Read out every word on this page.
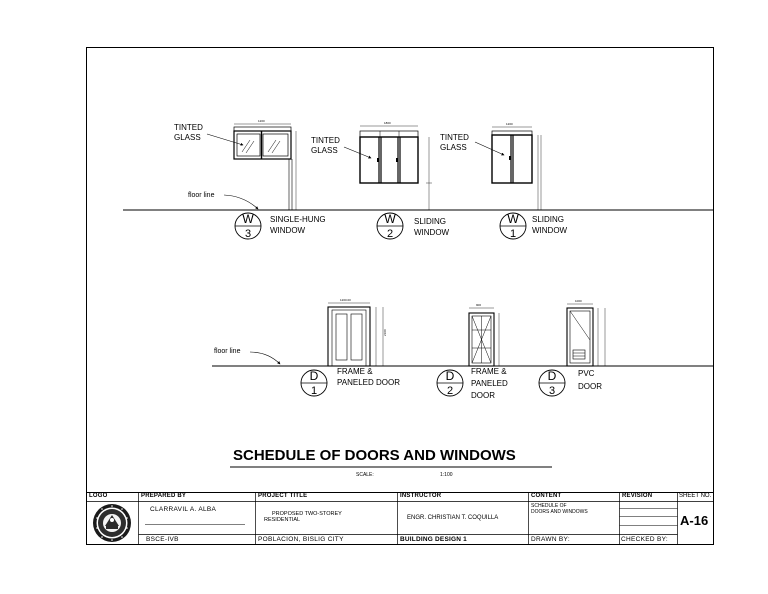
floor line
1200
TINTED GLASS
W
3
SINGLE-HUNG WINDOW
1800
TINTED GLASS
W
2
SLIDING WINDOW
1200
TINTED GLASS
W
1
SLIDING WINDOW
floor line
1200.00
2100
D
1
FRAME & PANELED DOOR
900
D
2
FRAME & PANELED DOOR
1000
D
3
PVC DOOR
SCHEDULE OF DOORS AND WINDOWS
SCALE:	1:100
LOGO	PREPARED BY
CLARRAVIL A. ALBA
BSCE-IVB
PROJECT TITLE
PROPOSED TWO-STOREY
RESIDENTIAL
POBLACION, BISLIG CITY
INSTRUCTOR
ENGR. CHRISTIAN T. COQUILLA
BUILDING DESIGN 1
CONTENT
SCHEDULE OF
DOORS AND WINDOWS
DRAWN BY:
REVISION
CHECKED BY:
SHEET NO.
A-16
